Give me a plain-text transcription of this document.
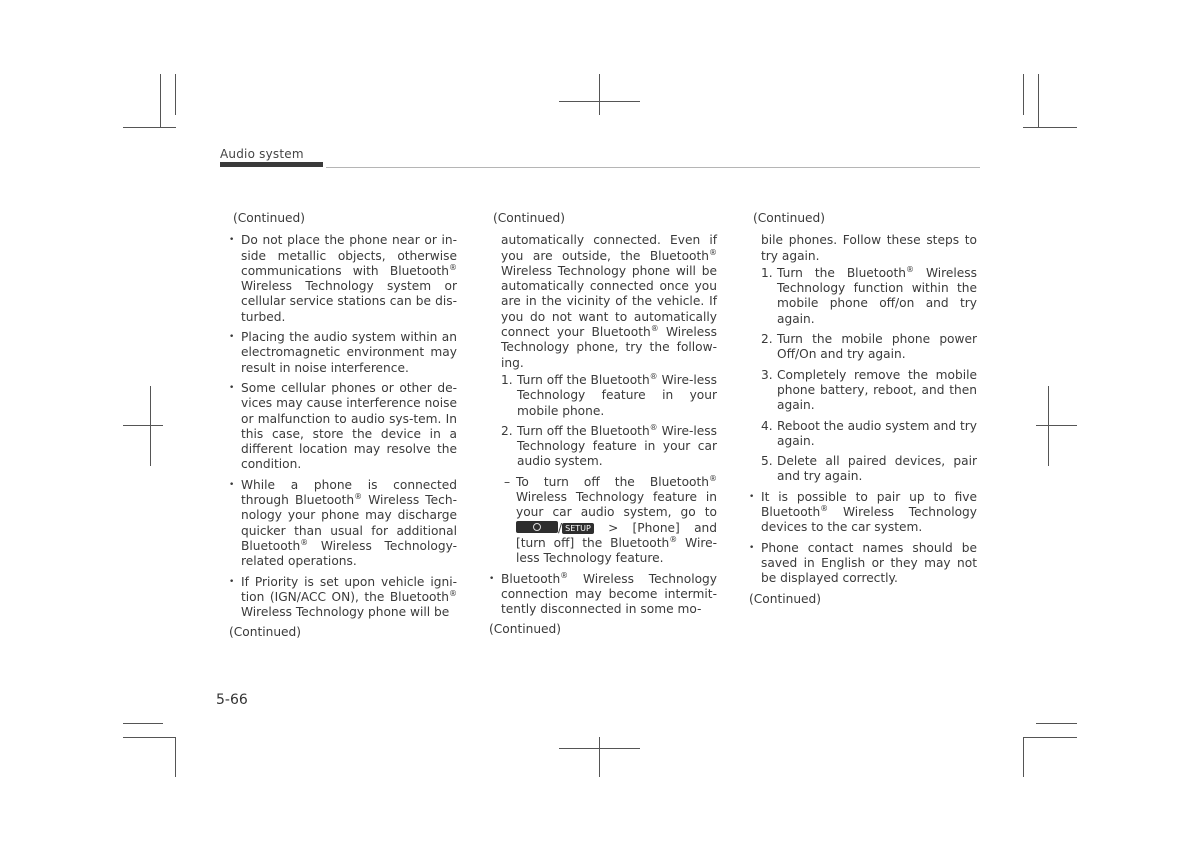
Audio system
(Continued)
• Do not place the phone near or in-side metallic objects, otherwise communications with Bluetooth® Wireless Technology system or cellular service stations can be dis-turbed.
• Placing the audio system within an electromagnetic environment may result in noise interference.
• Some cellular phones or other de-vices may cause interference noise or malfunction to audio sys-tem. In this case, store the device in a different location may resolve the condition.
• While a phone is connected through Bluetooth® Wireless Tech-nology your phone may discharge quicker than usual for additional Bluetooth® Wireless Technology-related operations.
• If Priority is set upon vehicle igni-tion (IGN/ACC ON), the Bluetooth® Wireless Technology phone will be
(Continued)
(Continued)
automatically connected. Even if you are outside, the Bluetooth® Wireless Technology phone will be automatically connected once you are in the vicinity of the vehicle. If you do not want to automatically connect your Bluetooth® Wireless Technology phone, try the follow-ing.
1. Turn off the Bluetooth® Wire-less Technology feature in your mobile phone.
2. Turn off the Bluetooth® Wire-less Technology feature in your car audio system.
– To turn off the Bluetooth® Wireless Technology feature in your car audio system, go to / SETUP > [Phone] and [turn off] the Bluetooth® Wire-less Technology feature.
• Bluetooth® Wireless Technology connection may become intermit-tently disconnected in some mo-
(Continued)
(Continued)
bile phones. Follow these steps to try again.
1. Turn the Bluetooth® Wireless Technology function within the mobile phone off/on and try again.
2. Turn the mobile phone power Off/On and try again.
3. Completely remove the mobile phone battery, reboot, and then again.
4. Reboot the audio system and try again.
5. Delete all paired devices, pair and try again.
• It is possible to pair up to five Bluetooth® Wireless Technology devices to the car system.
• Phone contact names should be saved in English or they may not be displayed correctly.
(Continued)
5-66
